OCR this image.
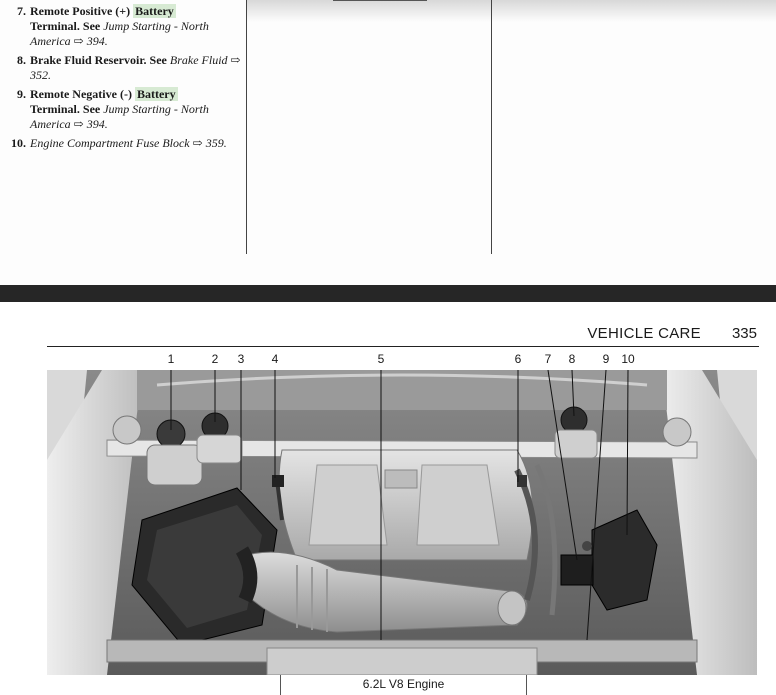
7. Remote Positive (+) Battery
Terminal. See Jump Starting - North America ⇨ 394.
8. Brake Fluid Reservoir. See Brake Fluid ⇨ 352.
9. Remote Negative (-) Battery
Terminal. See Jump Starting - North America ⇨ 394.
10. Engine Compartment Fuse Block ⇨ 359.
VEHICLE CARE 335
1	2 3 4	5	6 7 8 9 10
6.2L V8 Engine
